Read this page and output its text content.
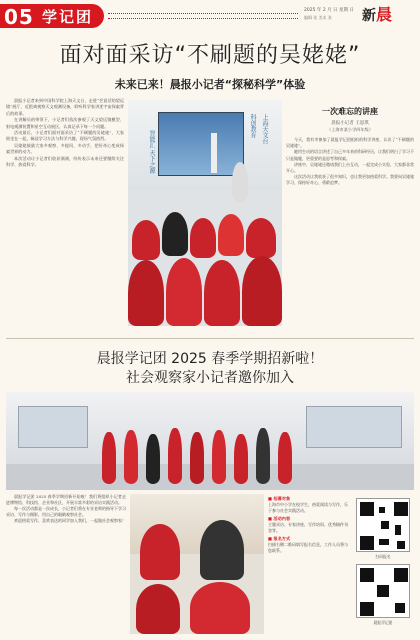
05 学记团	2025 年 2 月 日 星期 日
编辑 张 美术 张 新晨
面对面采访“不刷题的吴姥姥”
未来已来！晨报小记者“探秘科学”体验

晨报小记者来到中国科学院上海天文台，走进“会说话的望远镜”展厅，近距离观察天文观测设备，聆听科学家讲述宇宙探索背后的故事。

在讲解员的带领下，小记者们依次参观了天文望远镜模型、射电观测装置和星空互动展区，认真记录下每一个问题。

活动最后，小记者们面对面采访了“不刷题的吴姥姥”，大家围坐在一起，畅谈学习方法与科学兴趣，现场气氛热烈。

吴姥姥鼓励大家多观察、多提问、多动手，把好奇心变成探索世界的动力。

本次活动让小记者们收获满满，纷纷表示未来还要继续关注科学、热爱科学。	智能汇 天下之源
科创教育 上海天文台
一次难忘的讲座
晨报小记者 王思琪
（上海市某小学四年级）

今天，我有幸参加了晨报学记团组织的科学讲座，认识了“不刷题的吴姥姥”。

她用生动的语言讲述了自己多年来的科研经历，让我们明白了学习不只是做题，更重要的是思考和探索。

讲座中，吴姥姥还邀请我们上台互动，一起完成小实验，大家都非常开心。

这次活动让我收获了很多知识，也让我更加热爱科学。我要向吴姥姥学习，保持好奇心，勇敢追梦。

晨报学记团 2025 春季学期招新啦！
社会观察家小记者邀你加入

晨报学记团 2025 春季学期招新开始啦！我们将组织小记者走进博物馆、科技馆、企业和社区，开展丰富多彩的采访实践活动。

每一次活动都是一次成长，小记者们将在专业老师的指导下学习采访、写作与摄影，用自己的眼睛观察社会。

欢迎热爱写作、喜欢表达的同学加入我们，一起做社会观察家！

■ 招募对象

上海市中小学在校学生，热爱阅读与写作，乐于参与社会实践活动。

■ 活动内容

主题采访、专家讲座、写作培训、优秀稿件刊登等。

■ 报名方式

扫描右侧二维码填写报名信息，工作人员将与您联系。

扫码报名
晨报学记团
